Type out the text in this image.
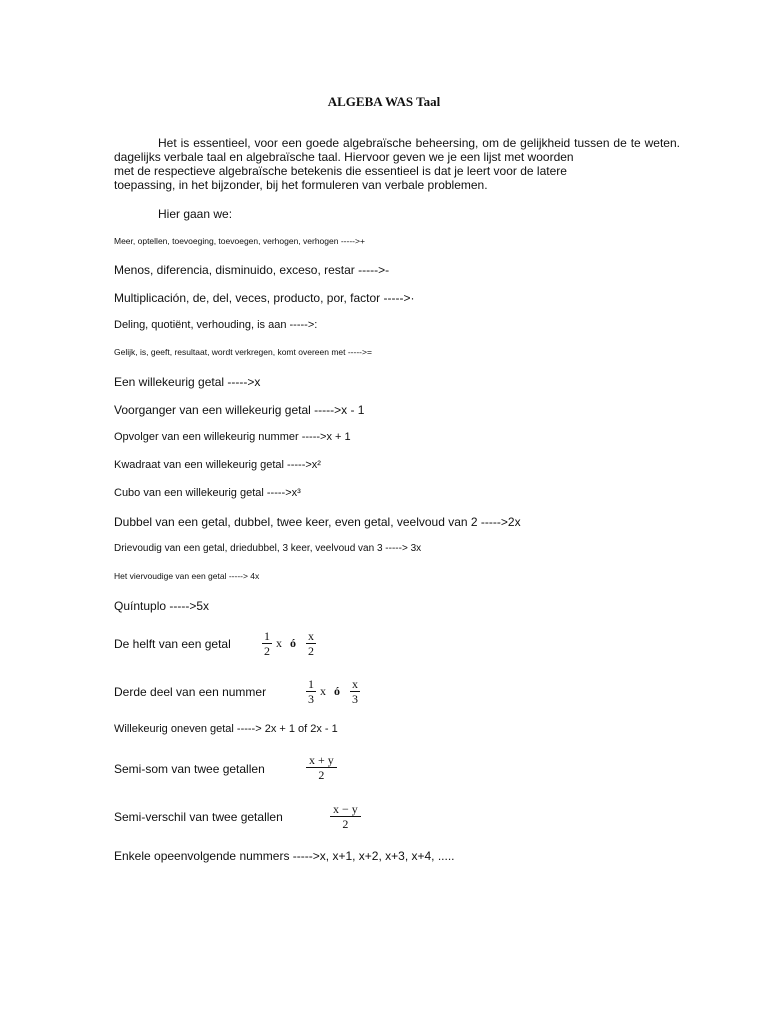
ALGEBA WAS Taal
Het is essentieel, voor een goede algebraïsche beheersing, om de gelijkheid tussen de te weten.
dagelijks verbale taal en algebraïsche taal. Hiervoor geven we je een lijst met woorden
met de respectieve algebraïsche betekenis die essentieel is dat je leert voor de latere
toepassing, in het bijzonder, bij het formuleren van verbale problemen.
Hier gaan we:
Meer, optellen, toevoeging, toevoegen, verhogen, verhogen ----->+
Menos, diferencia, disminuido, exceso, restar ----->-
Multiplicación, de, del, veces, producto, por, factor ----->·
Deling, quotiënt, verhouding, is aan ----->:
Gelijk, is, geeft, resultaat, wordt verkregen, komt overeen met ----->=
Een willekeurig getal ----->x
Voorganger van een willekeurig getal ----->x - 1
Opvolger van een willekeurig nummer ----->x + 1
Kwadraat van een willekeurig getal ----->x²
Cubo van een willekeurig getal ----->x³
Dubbel van een getal, dubbel, twee keer, even getal, veelvoud van 2 ----->2x
Drievoudig van een getal, driedubbel, 3 keer, veelvoud van 3 -----> 3x
Het viervoudige van een getal -----> 4x
Quíntuplo ----->5x
De helft van een getal	$\frac{1}{2}$ x ó $\frac{x}{2}$
Derde deel van een nummer	$\frac{1}{3}$ x ó $\frac{x}{3}$
Willekeurig oneven getal -----> 2x + 1 of 2x - 1
Semi-som van twee getallen	$\frac{x + y}{2}$
Semi-verschil van twee getallen	$\frac{x - y}{2}$
Enkele opeenvolgende nummers ----->x, x+1, x+2, x+3, x+4, .....
